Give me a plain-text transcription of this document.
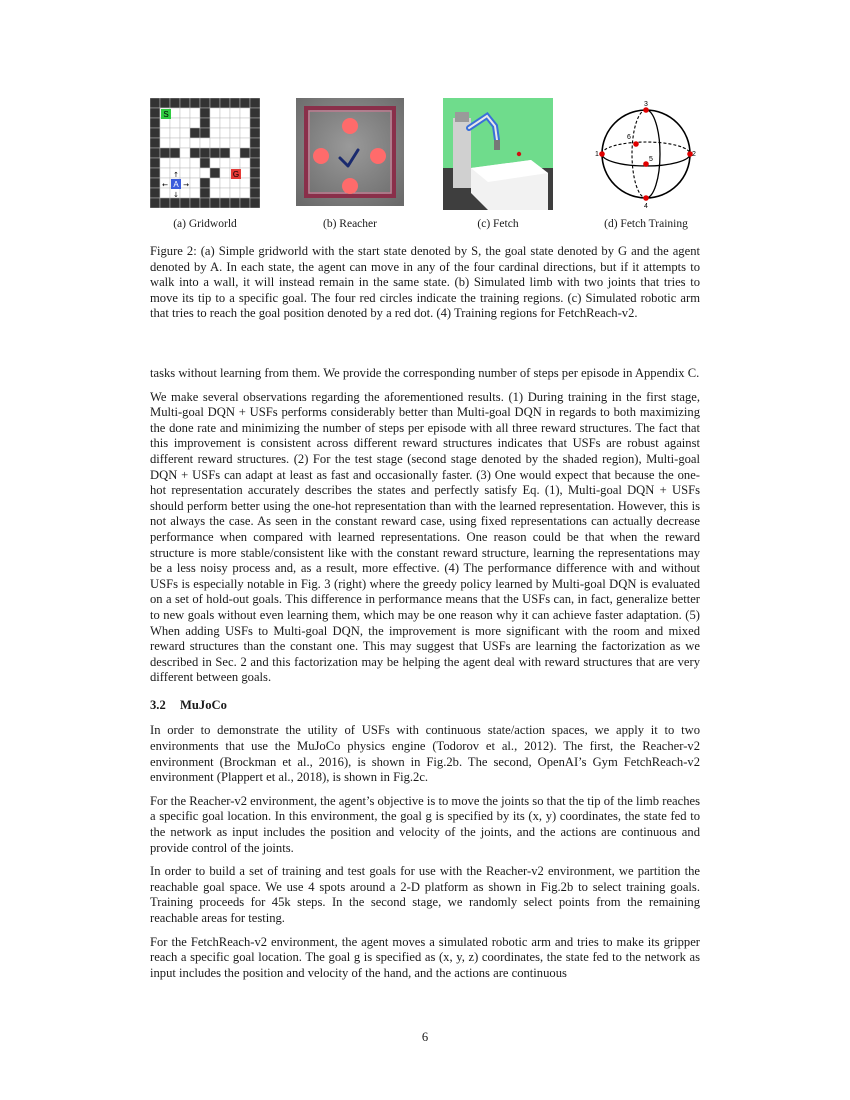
S
G
A
↑
↓
← →
(a) Gridworld	(b) Reacher	(c) Fetch
1	2
3
4
5
6
(d) Fetch Training
Figure 2: (a) Simple gridworld with the start state denoted by S, the goal state denoted by G and the agent denoted by A. In each state, the agent can move in any of the four cardinal directions, but if it attempts to walk into a wall, it will instead remain in the same state. (b) Simulated limb with two joints that tries to move its tip to a specific goal. The four red circles indicate the training regions. (c) Simulated robotic arm that tries to reach the goal position denoted by a red dot. (4) Training regions for FetchReach-v2.

tasks without learning from them. We provide the corresponding number of steps per episode in Appendix C.

We make several observations regarding the aforementioned results. (1) During training in the first stage, Multi-goal DQN + USFs performs considerably better than Multi-goal DQN in regards to both maximizing the done rate and minimizing the number of steps per episode with all three reward structures. The fact that this improvement is consistent across different reward structures indicates that USFs are robust against different reward structures. (2) For the test stage (second stage denoted by the shaded region), Multi-goal DQN + USFs can adapt at least as fast and occasionally faster. (3) One would expect that because the one-hot representation accurately describes the states and perfectly satisfy Eq. (1), Multi-goal DQN + USFs should perform better using the one-hot representation than with the learned representation. However, this is not always the case. As seen in the constant reward case, using fixed representations can actually decrease performance when compared with learned representations. One reason could be that when the reward structure is more stable/consistent like with the constant reward structure, learning the representations may be a less noisy process and, as a result, more effective. (4) The performance difference with and without USFs is especially notable in Fig. 3 (right) where the greedy policy learned by Multi-goal DQN is evaluated on a set of hold-out goals. This difference in performance means that the USFs can, in fact, generalize better to new goals without even learning them, which may be one reason why it can achieve faster adaptation. (5) When adding USFs to Multi-goal DQN, the improvement is more significant with the room and mixed reward structures than the constant one. This may suggest that USFs are learning the factorization as we described in Sec. 2 and this factorization may be helping the agent deal with reward structures that are very different between goals.

3.2 MuJoCo

In order to demonstrate the utility of USFs with continuous state/action spaces, we apply it to two environments that use the MuJoCo physics engine (Todorov et al., 2012). The first, the Reacher-v2 environment (Brockman et al., 2016), is shown in Fig.2b. The second, OpenAI’s Gym FetchReach-v2 environment (Plappert et al., 2018), is shown in Fig.2c.

For the Reacher-v2 environment, the agent’s objective is to move the joints so that the tip of the limb reaches a specific goal location. In this environment, the goal g is specified by its (x, y) coordinates, the state fed to the network as input includes the position and velocity of the joints, and the actions are continuous and provide control of the joints.

In order to build a set of training and test goals for use with the Reacher-v2 environment, we partition the reachable goal space. We use 4 spots around a 2-D platform as shown in Fig.2b to select training goals. Training proceeds for 45k steps. In the second stage, we randomly select points from the remaining reachable areas for testing.

For the FetchReach-v2 environment, the agent moves a simulated robotic arm and tries to make its gripper reach a specific goal location. The goal g is specified as (x, y, z) coordinates, the state fed to the network as input includes the position and velocity of the hand, and the actions are continuous

6
